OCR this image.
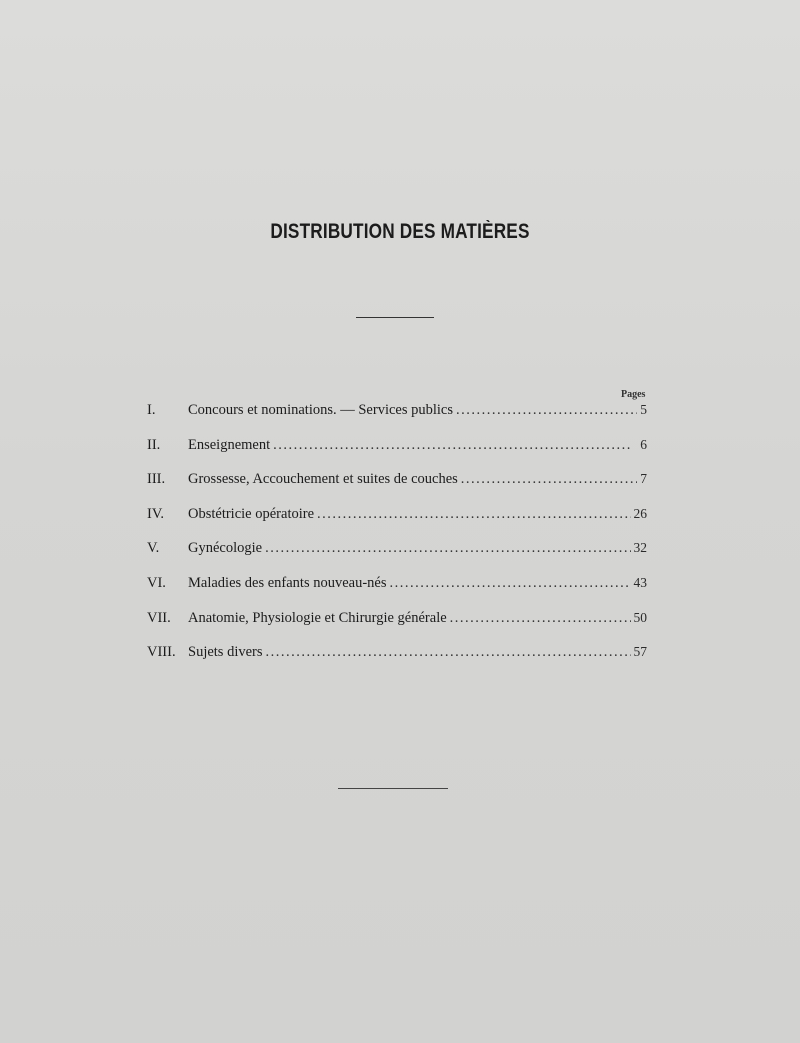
DISTRIBUTION DES MATIÈRES
Pages
I.	Concours et nominations. — Services publics .....	5
II.	Enseignement .....	6
III.	Grossesse, Accouchement et suites de couches .....	7
IV.	Obstétricie opératoire .....	26
V.	Gynécologie .....	32
VI.	Maladies des enfants nouveau-nés .....	43
VII.	Anatomie, Physiologie et Chirurgie générale .....	50
VIII. Sujets divers .....	57
